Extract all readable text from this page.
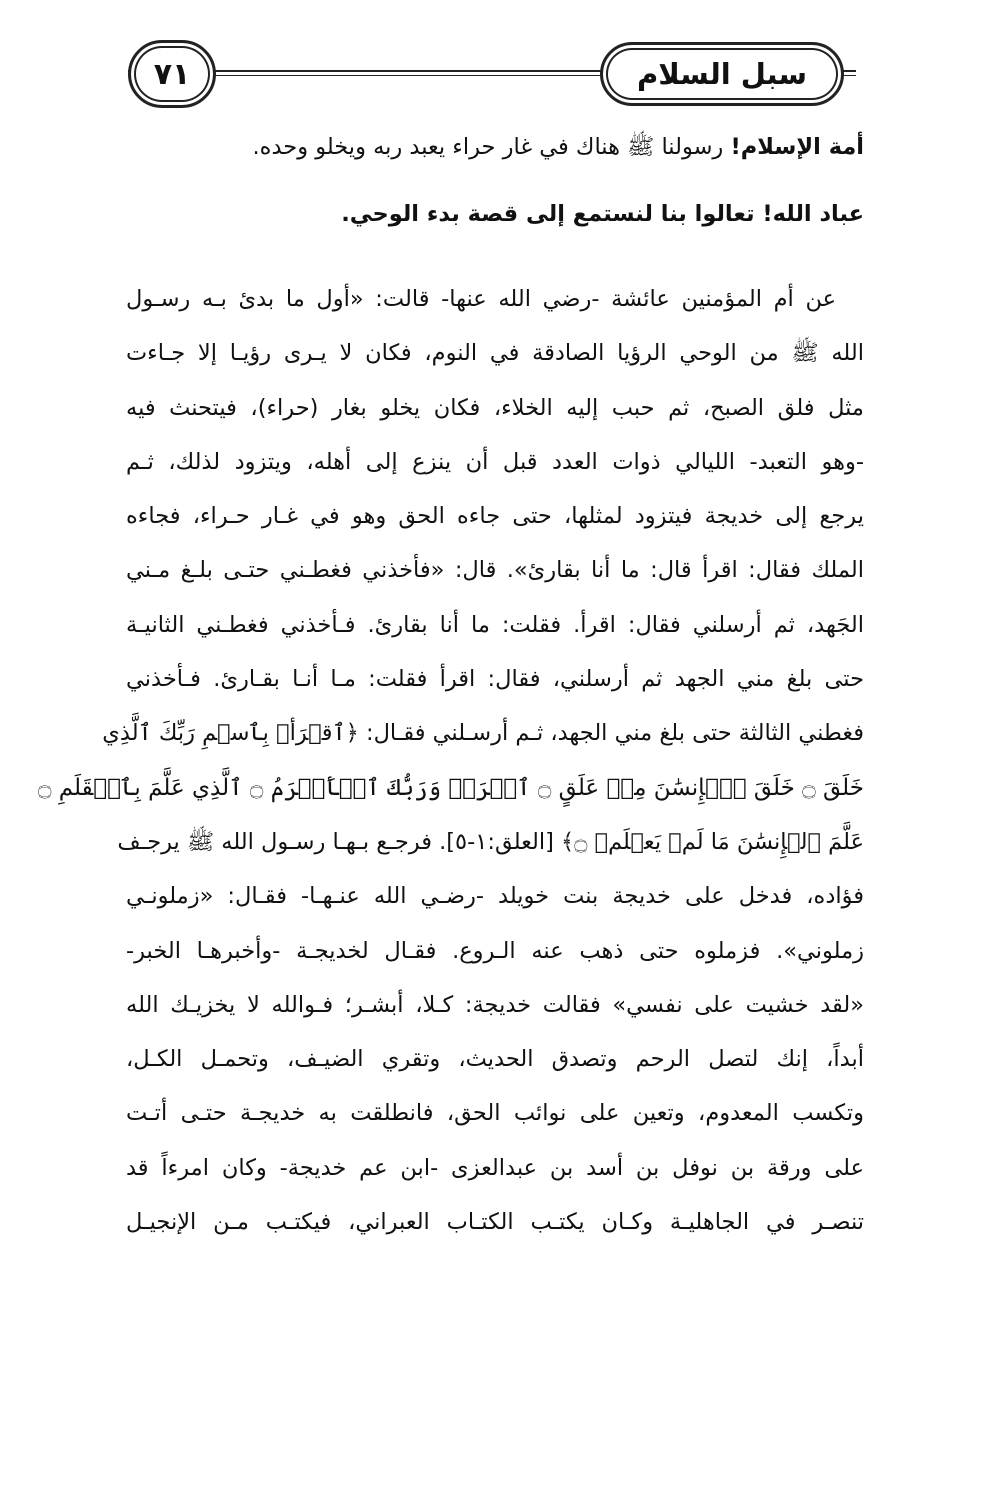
٧١	سبل السلام

أمة الإسلام! رسولنا ﷺ هناك في غار حراء يعبد ربه ويخلو وحده.

عباد الله! تعالوا بنا لنستمع إلى قصة بدء الوحي.

عن أم المؤمنين عائشة -رضي الله عنها- قالت: «أول ما بدئ بـه رسـول
الله ﷺ من الوحي الرؤيا الصادقة في النوم، فكان لا يـرى رؤيـا إلا جـاءت
مثل فلق الصبح، ثم حبب إليه الخلاء، فكان يخلو بغار (حراء)، فيتحنث فيه
-وهو التعبد- الليالي ذوات العدد قبل أن ينزع إلى أهله، ويتزود لذلك، ثـم
يرجع إلى خديجة فيتزود لمثلها، حتى جاءه الحق وهو في غـار حـراء، فجاءه
الملك فقال: اقرأ قال: ما أنا بقارئ». قال: «فأخذني فغطـني حتـى بلـغ مـني
الجَهد، ثم أرسلني فقال: اقرأ. فقلت: ما أنا بقارئ. فـأخذني فغطـني الثانيـة
حتى بلغ مني الجهد ثم أرسلني، فقال: اقرأ فقلت: مـا أنـا بقـارئ. فـأخذني
فغطني الثالثة حتى بلغ مني الجهد، ثـم أرسـلني فقـال: ﴿ٱقۡرَأۡ بِٱسۡمِ رَبِّكَ ٱلَّذِي
خَلَقَ ۝ خَلَقَ ٱلۡإِنسَٰنَ مِنۡ عَلَقٍ ۝ ٱقۡرَأۡ وَرَبُّكَ ٱلۡأَكۡرَمُ ۝ ٱلَّذِي عَلَّمَ بِٱلۡقَلَمِ ۝
عَلَّمَ ٱلۡإِنسَٰنَ مَا لَمۡ يَعۡلَمۡ ۝﴾ [العلق:١-٥]. فرجـع بـهـا رسـول الله ﷺ يرجـف
فؤاده، فدخل على خديجة بنت خويلد -رضـي الله عنـهـا- فقـال: «زملونـي
زملوني». فزملوه حتى ذهب عنه الـروع. فقـال لخديجـة -وأخبرهـا الخبر-
«لقد خشيت على نفسي» فقالت خديجة: كـلا، أبشـر؛ فـوالله لا يخزيـك الله
أبداً، إنك لتصل الرحم وتصدق الحديث، وتقري الضيـف، وتحمـل الكـل،
وتكسب المعدوم، وتعين على نوائب الحق، فانطلقت به خديجـة حتـى أتـت
على ورقة بن نوفل بن أسد بن عبدالعزى -ابن عم خديجة- وكان امرءاً قد
تنصـر في الجاهليـة وكـان يكتـب الكتـاب العبراني، فيكتـب مـن الإنجيـل
